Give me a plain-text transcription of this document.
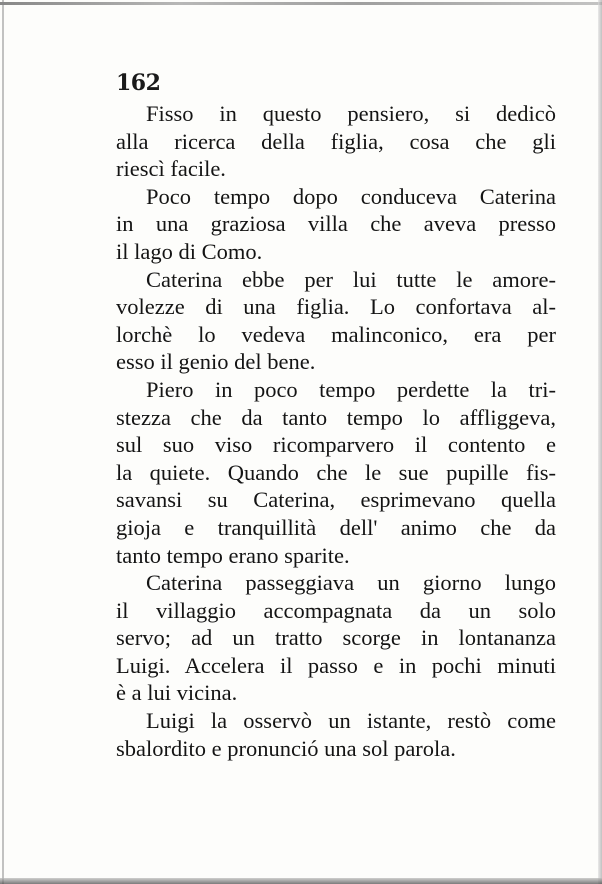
162
Fisso in questo pensiero, si dedicò
alla ricerca della figlia, cosa che gli
riescì facile.
Poco tempo dopo conduceva Caterina
in una graziosa villa che aveva presso
il lago di Como.
Caterina ebbe per lui tutte le amore-
volezze di una figlia. Lo confortava al-
lorchè lo vedeva malinconico, era per
esso il genio del bene.
Piero in poco tempo perdette la tri-
stezza che da tanto tempo lo affliggeva,
sul suo viso ricomparvero il contento e
la quiete. Quando che le sue pupille fis-
savansi su Caterina, esprimevano quella
gioja e tranquillità dell' animo che da
tanto tempo erano sparite.
Caterina passeggiava un giorno lungo
il villaggio accompagnata da un solo
servo; ad un tratto scorge in lontananza
Luigi. Accelera il passo e in pochi minuti
è a lui vicina.
Luigi la osservò un istante, restò come
sbalordito e pronunció una sol parola.
